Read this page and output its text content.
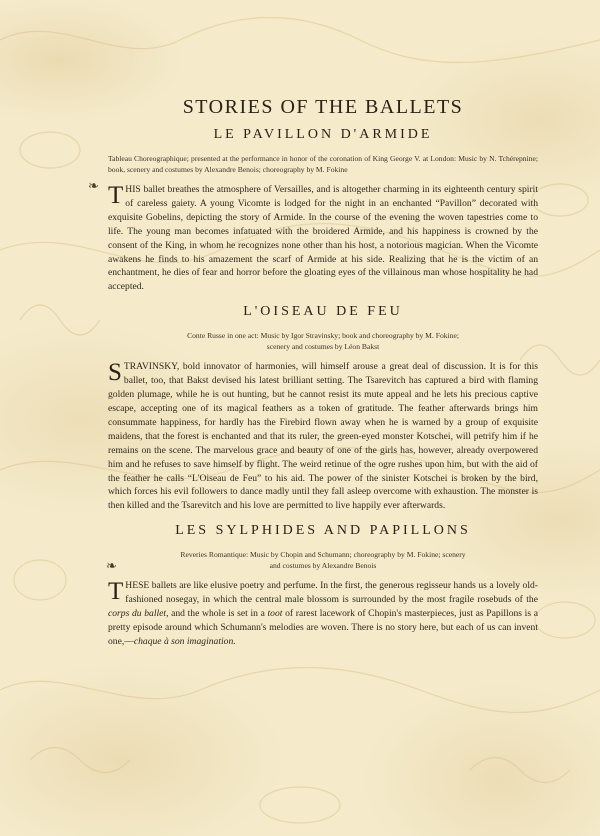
❧
❧
STORIES OF THE BALLETS
LE PAVILLON D'ARMIDE

Tableau Choreographique; presented at the performance in honor of the coronation of King George V. at London: Music by N. Tchérepnine; book, scenery and costumes by Alexandre Benois; choreography by M. Fokine

THIS ballet breathes the atmosphere of Versailles, and is altogether charming in its eighteenth century spirit of careless gaiety. A young Vicomte is lodged for the night in an enchanted “Pavillon” decorated with exquisite Gobelins, depicting the story of Armide. In the course of the evening the woven tapestries come to life. The young man becomes infatuated with the broidered Armide, and his happiness is crowned by the consent of the King, in whom he recognizes none other than his host, a notorious magician. When the Vicomte awakens he finds to his amazement the scarf of Armide at his side. Realizing that he is the victim of an enchantment, he dies of fear and horror before the gloating eyes of the villainous man whose hospitality he had accepted.

L'OISEAU DE FEU

Conte Russe in one act: Music by Igor Stravinsky; book and choreography by M. Fokine; scenery and costumes by Léon Bakst

STRAVINSKY, bold innovator of harmonies, will himself arouse a great deal of discussion. It is for this ballet, too, that Bakst devised his latest brilliant setting. The Tsarevitch has captured a bird with flaming golden plumage, while he is out hunting, but he cannot resist its mute appeal and he lets his precious captive escape, accepting one of its magical feathers as a token of gratitude. The feather afterwards brings him consummate happiness, for hardly has the Firebird flown away when he is warned by a group of exquisite maidens, that the forest is enchanted and that its ruler, the green-eyed monster Kotschei, will petrify him if he remains on the scene. The marvelous grace and beauty of one of the girls has, however, already overpowered him and he refuses to save himself by flight. The weird retinue of the ogre rushes upon him, but with the aid of the feather he calls “L'Oiseau de Feu” to his aid. The power of the sinister Kotschei is broken by the bird, which forces his evil followers to dance madly until they fall asleep overcome with exhaustion. The monster is then killed and the Tsarevitch and his love are permitted to live happily ever afterwards.

LES SYLPHIDES AND PAPILLONS

Reveries Romantique: Music by Chopin and Schumann; choreography by M. Fokine; scenery and costumes by Alexandre Benois

THESE ballets are like elusive poetry and perfume. In the first, the generous regisseur hands us a lovely old-fashioned nosegay, in which the central male blossom is surrounded by the most fragile rosebuds of the corps du ballet, and the whole is set in a toot of rarest lacework of Chopin's masterpieces, just as Papillons is a pretty episode around which Schumann's melodies are woven. There is no story here, but each of us can invent one,—chaque à son imagination.
